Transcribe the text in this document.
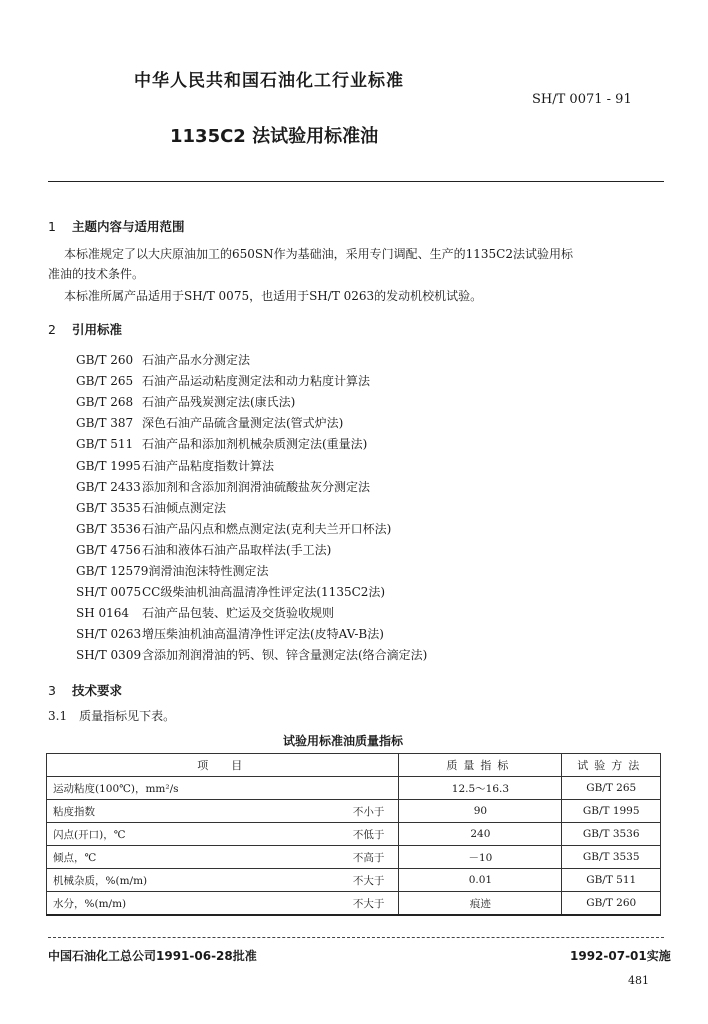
中华人民共和国石油化工行业标准
SH/T 0071 - 91
1135C2 法试验用标准油
1 主题内容与适用范围
本标准规定了以大庆原油加工的650SN作为基础油，采用专门调配、生产的1135C2法试验用标
准油的技术条件。
本标准所属产品适用于SH/T 0075，也适用于SH/T 0263的发动机校机试验。
2 引用标准
GB/T 260 石油产品水分测定法
GB/T 265 石油产品运动粘度测定法和动力粘度计算法
GB/T 268 石油产品残炭测定法(康氏法)
GB/T 387 深色石油产品硫含量测定法(管式炉法)
GB/T 511 石油产品和添加剂机械杂质测定法(重量法)
GB/T 1995石油产品粘度指数计算法
GB/T 2433添加剂和含添加剂润滑油硫酸盐灰分测定法
GB/T 3535石油倾点测定法
GB/T 3536石油产品闪点和燃点测定法(克利夫兰开口杯法)
GB/T 4756石油和液体石油产品取样法(手工法)
GB/T 12579润滑油泡沫特性测定法
SH/T 0075CC级柴油机油高温清净性评定法(1135C2法)
SH 0164 石油产品包装、贮运及交货验收规则
SH/T 0263增压柴油机油高温清净性评定法(皮特AV-B法)
SH/T 0309含添加剂润滑油的钙、钡、锌含量测定法(络合滴定法)
3 技术要求
3.1　质量指标见下表。
试验用标准油质量指标
项　目		质量指标	试验方法
运动粘度(100℃)，mm²/s		12.5～16.3	GB/T 265
粘度指数	不小于	90	GB/T 1995
闪点(开口)，℃	不低于	240	GB/T 3536
倾点，℃	不高于	－10	GB/T 3535
机械杂质，%(m/m)	不大于	0.01	GB/T 511
水分，%(m/m)	不大于	痕迹	GB/T 260
中国石油化工总公司1991-06-28批准	1992-07-01实施
481
